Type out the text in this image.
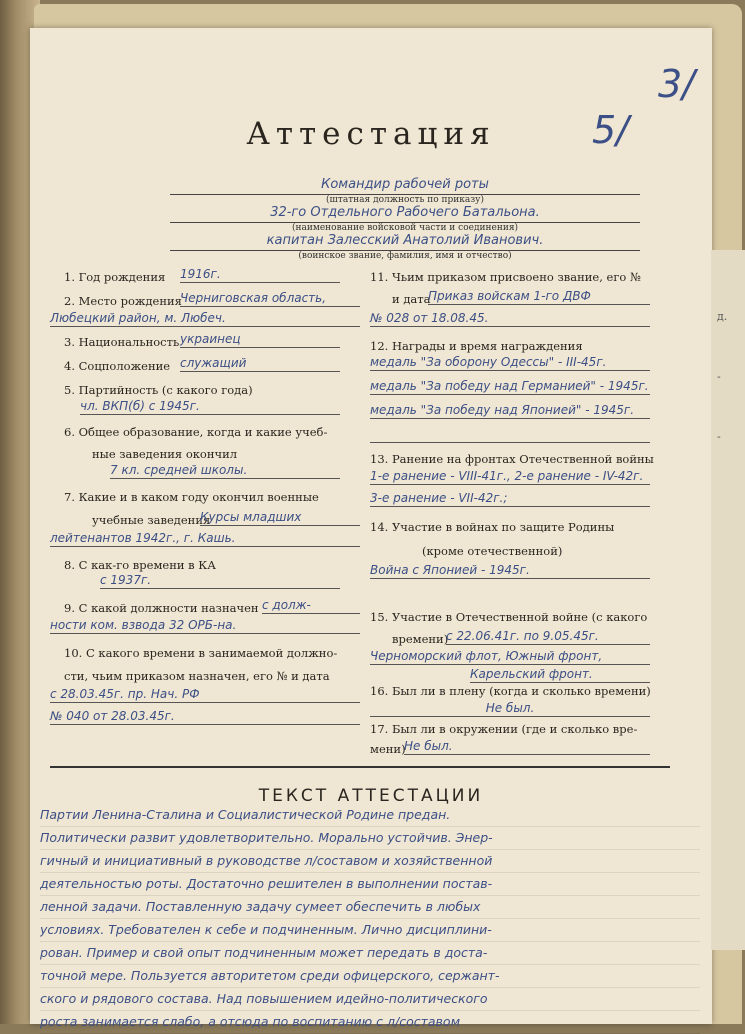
3/
5/
Аттестация
Командир рабочей роты
(штатная должность по приказу)
32-го Отдельного Рабочего Батальона.
(наименование войсковой части и соединения)
капитан Залесский Анатолий Иванович.
(воинское звание, фамилия, имя и отчество)
1. Год рождения 1916г.
2. Место рождения
Черниговская область,
Любецкий район, м. Любеч.
3. Национальность украинец
4. Соцположение служащий
5. Партийность (с какого года)
чл. ВКП(б) с 1945г.
6. Общее образование, когда и какие учеб-
ные заведения окончил
7 кл. средней школы.
7. Какие и в каком году окончил военные
учебные заведения
Курсы младших
лейтенантов 1942г., г. Кашь.
8. С как-го времени в КА
с 1937г.
9. С какой должности назначен с долж-
ности ком. взвода 32 ОРБ-на.
10. С какого времени в занимаемой должно-
сти, чьим приказом назначен, его № и дата
с 28.03.45г. пр. Нач. РФ
№ 040 от 28.03.45г.
11. Чьим приказом присвоено звание, его №
и дата
Приказ войскам 1-го ДВФ
№ 028 от 18.08.45.
12. Награды и время награждения
медаль "За оборону Одессы" - III-45г.
медаль "За победу над Германией" - 1945г.
медаль "За победу над Японией" - 1945г.
13. Ранение на фронтах Отечественной войны
1-е ранение - VIII-41г., 2-е ранение - IV-42г.
3-е ранение - VII-42г.;
14. Участие в войнах по защите Родины
(кроме отечественной)
Война с Японией - 1945г.
15. Участие в Отечественной войне (с какого
времени)
с 22.06.41г. по 9.05.45г.
Черноморский флот, Южный фронт,
Карельский фронт.
16. Был ли в плену (когда и сколько времени)
Не был.
17. Был ли в окружении (где и сколько вре-
мени)
Не был.
ТЕКСТ АТТЕСТАЦИИ
Партии Ленина-Сталина и Социалистической Родине предан.
Политически развит удовлетворительно. Морально устойчив. Энер-
гичный и инициативный в руководстве л/составом и хозяйственной
деятельностью роты. Достаточно решителен в выполнении постав-
ленной задачи. Поставленную задачу сумеет обеспечить в любых
условиях. Требователен к себе и подчиненным. Лично дисциплини-
рован. Пример и свой опыт подчиненным может передать в доста-
точной мере. Пользуется авторитетом среди офицерского, сержант-
ского и рядового состава. Над повышением идейно-политического
роста занимается слабо, а отсюда по воспитанию с л/составом
д.
-
-
